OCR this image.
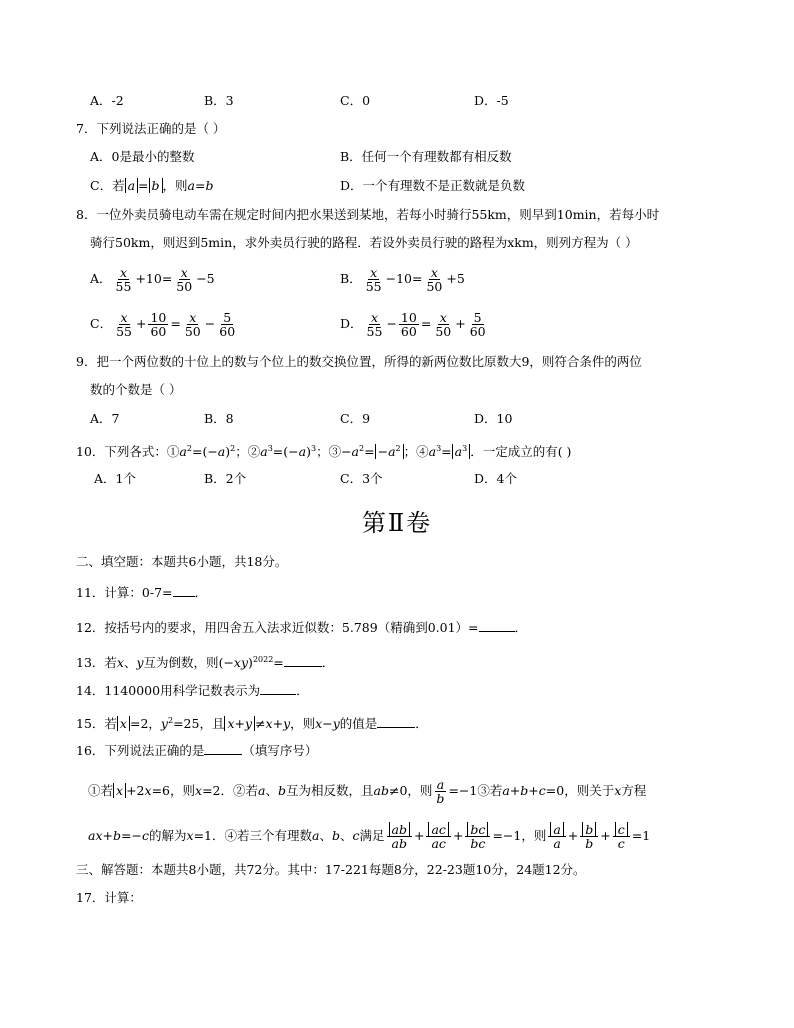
A．-2	B．3	C．0	D．-5
7．下列说法正确的是（ ）
A．0是最小的整数	B．任何一个有理数都有相反数
C．若 a = b ，则a=b	D．一个有理数不是正数就是负数
8．一位外卖员骑电动车需在规定时间内把水果送到某地，若每小时骑行55km，则早到10min，若每小时
骑行50km，则迟到5min，求外卖员行驶的路程．若设外卖员行驶的路程为xkm，则列方程为（ ）
A． $\frac{x}{55} +10= \frac{x}{50} -5$	B． $\frac{x}{55} -10= \frac{x}{50} +5$
C． $\frac{x}{55} + \frac{10}{60} = \frac{x}{50} - \frac{5}{60}$	D． $\frac{x}{55} - \frac{10}{60} = \frac{x}{50} + \frac{5}{60}$
9．把一个两位数的十位上的数与个位上的数交换位置，所得的新两位数比原数大9，则符合条件的两位
数的个数是（ ）
A．7	B．8	C．9	D．10
10．下列各式：$①a^2=(-a)^2$；$②a^3=(-a)^3$；$③-a^2= -a^2$ ；$④a^3= a^3$ ．一定成立的有( )
A．1个	B．2个	C．3个	D．4个
第Ⅱ卷
二、填空题：本题共6小题，共18分。
11．计算：0-7= ．
12．按括号内的要求，用四舍五入法求近似数：5.789（精确到0.01）=	．
13．若x、y互为倒数，则$(-xy)^{2022}=$	．
14．1140000用科学记数表示为	．
15．若 x =2，$y^2=25$，且 x+y ≠x+y，则x−y的值是	．
16．下列说法正确的是	（填写序号）
①若 x +2x=6，则x=2．②若a、b互为相反数，且ab≠0，则 $\frac{a}{b}$ =−1③若a+b+c=0，则关于x方程
ax+b=−c的解为x=1．④若三个有理数a、b、c满足 $\frac{ab}{ab} + \frac{ac}{ac} + \frac{bc}{bc} =-1$，则 $\frac{a}{a} + \frac{b}{b} + \frac{c}{c} =1$
三、解答题：本题共8小题，共72分。其中：17-221每题8分，22-23题10分，24题12分。
17．计算：
